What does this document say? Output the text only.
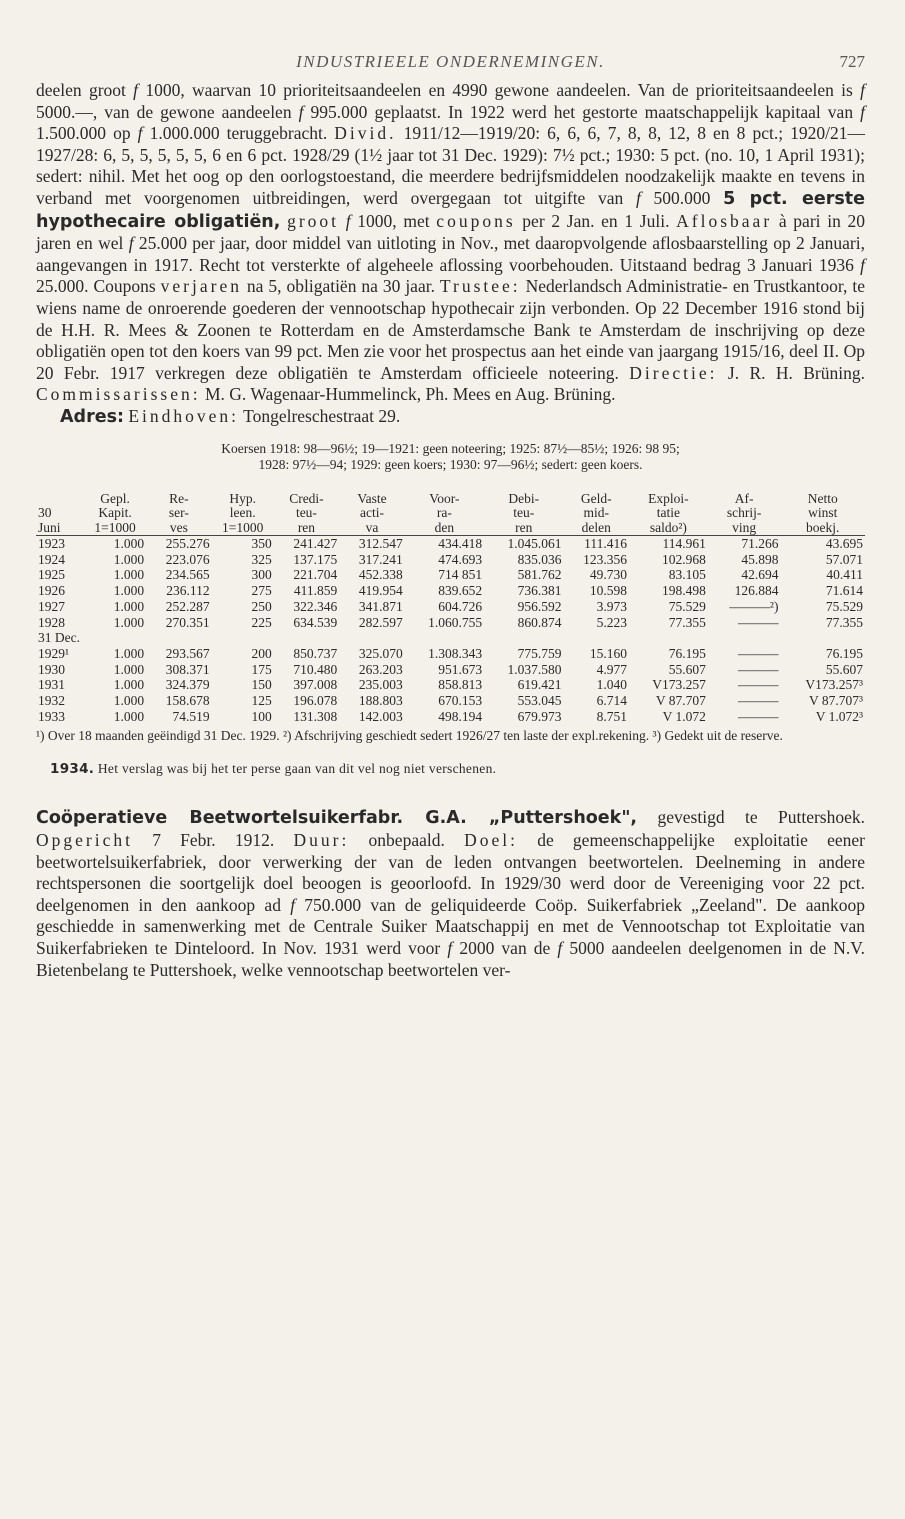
INDUSTRIEELE ONDERNEMINGEN.	727

deelen groot f 1000, waarvan 10 prioriteitsaandeelen en 4990 gewone aandeelen. Van de prioriteitsaandeelen is f 5000.—, van de gewone aandeelen f 995.000 geplaatst. In 1922 werd het gestorte maatschappelijk kapitaal van f 1.500.000 op f 1.000.000 teruggebracht. Divid. 1911/12—1919/20: 6, 6, 6, 7, 8, 8, 12, 8 en 8 pct.; 1920/21—1927/28: 6, 5, 5, 5, 5, 5, 6 en 6 pct. 1928/29 (1½ jaar tot 31 Dec. 1929): 7½ pct.; 1930: 5 pct. (no. 10, 1 April 1931); sedert: nihil. Met het oog op den oorlogstoestand, die meerdere bedrijfsmiddelen noodzakelijk maakte en tevens in verband met voorgenomen uitbreidingen, werd overgegaan tot uitgifte van f 500.000 5 pct. eerste hypothecaire obligatiën, groot f 1000, met coupons per 2 Jan. en 1 Juli. Aflosbaar à pari in 20 jaren en wel f 25.000 per jaar, door middel van uitloting in Nov., met daaropvolgende aflosbaarstelling op 2 Januari, aangevangen in 1917. Recht tot versterkte of algeheele aflossing voorbehouden. Uitstaand bedrag 3 Januari 1936 f 25.000. Coupons verjaren na 5, obligatiën na 30 jaar. Trustee: Nederlandsch Administratie- en Trustkantoor, te wiens name de onroerende goederen der vennootschap hypothecair zijn verbonden. Op 22 December 1916 stond bij de H.H. R. Mees & Zoonen te Rotterdam en de Amsterdamsche Bank te Amsterdam de inschrijving op deze obligatiën open tot den koers van 99 pct. Men zie voor het prospectus aan het einde van jaargang 1915/16, deel II. Op 20 Febr. 1917 verkregen deze obligatiën te Amsterdam officieele noteering. Directie: J. R. H. Brüning. Commissarissen: M. G. Wagenaar-Hummelinck, Ph. Mees en Aug. Brüning.

Adres: Eindhoven: Tongelreschestraat 29.

Koersen 1918: 98—96½; 19—1921: geen noteering; 1925: 87½—85½; 1926: 98 95;
1928: 97½—94; 1929: geen koers; 1930: 97—96½; sedert: geen koers.
	Gepl.	Re-	Hyp.	Credi-	Vaste	Voor-	Debi-	Geld-	Exploi-	Af-	Netto
30	Kapit.	ser-	leen.	teu-	acti-	ra-	teu-	mid-	tatie	schrij-	winst
Juni	1=1000	ves	1=1000	ren	va	den	ren	delen	saldo²)	ving	boekj.
1923	1.000	255.276	350	241.427	312.547	434.418	1.045.061	111.416	114.961	71.266	43.695
1924	1.000	223.076	325	137.175	317.241	474.693	835.036	123.356	102.968	45.898	57.071
1925	1.000	234.565	300	221.704	452.338	714 851	581.762	49.730	83.105	42.694	40.411
1926	1.000	236.112	275	411.859	419.954	839.652	736.381	10.598	198.498	126.884	71.614
1927	1.000	252.287	250	322.346	341.871	604.726	956.592	3.973	75.529	———²)	75.529
1928	1.000	270.351	225	634.539	282.597	1.060.755	860.874	5.223	77.355	———	77.355
31 Dec.											
1929¹	1.000	293.567	200	850.737	325.070	1.308.343	775.759	15.160	76.195	———	76.195
1930	1.000	308.371	175	710.480	263.203	951.673	1.037.580	4.977	55.607	———	55.607
1931	1.000	324.379	150	397.008	235.003	858.813	619.421	1.040	V173.257	———	V173.257³
1932	1.000	158.678	125	196.078	188.803	670.153	553.045	6.714	V 87.707	———	V 87.707³
1933	1.000	74.519	100	131.308	142.003	498.194	679.973	8.751	V 1.072	———	V 1.072³
¹) Over 18 maanden geëindigd 31 Dec. 1929. ²) Afschrijving geschiedt sedert 1926/27 ten laste der expl.rekening. ³) Gedekt uit de reserve.
1934. Het verslag was bij het ter perse gaan van dit vel nog niet verschenen.

Coöperatieve Beetwortelsuikerfabr. G.A. „Puttershoek", gevestigd te Puttershoek. Opgericht 7 Febr. 1912. Duur: onbepaald. Doel: de gemeenschappelijke exploitatie eener beetwortelsuikerfabriek, door verwerking der van de leden ontvangen beetwortelen. Deelneming in andere rechtspersonen die soortgelijk doel beoogen is geoorloofd. In 1929/30 werd door de Vereeniging voor 22 pct. deelgenomen in den aankoop ad f 750.000 van de geliquideerde Coöp. Suikerfabriek „Zeeland". De aankoop geschiedde in samenwerking met de Centrale Suiker Maatschappij en met de Vennootschap tot Exploitatie van Suikerfabrieken te Dinteloord. In Nov. 1931 werd voor f 2000 van de f 5000 aandeelen deelgenomen in de N.V. Bietenbelang te Puttershoek, welke vennootschap beetwortelen ver-
